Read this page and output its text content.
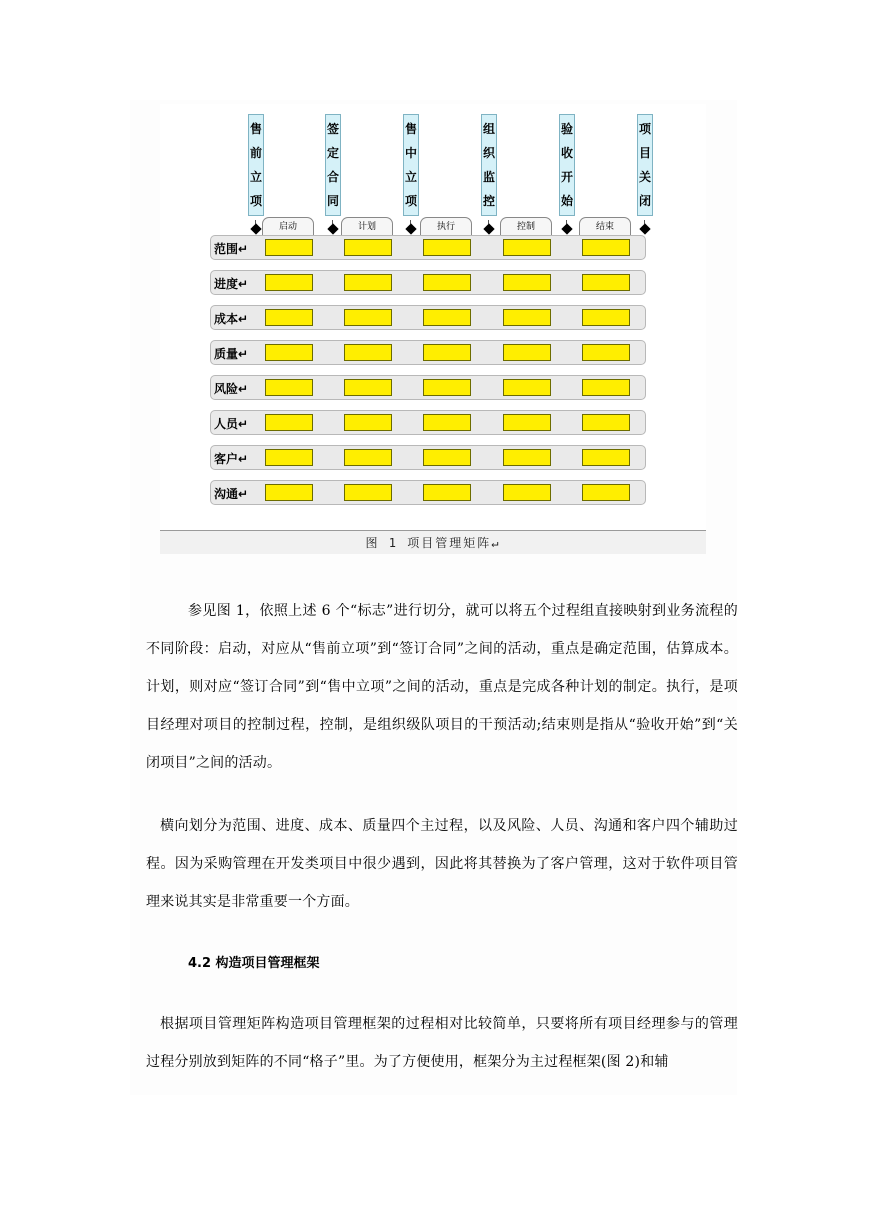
售前立项
签定合同
售中立项
组织监控
验收开始
项目关闭
启动	计划	执行	控制	结束
范围↵
进度↵
成本↵
质量↵
风险↵
人员↵
客户↵
沟通↵
图 1 项目管理矩阵↵

参见图 1，依照上述 6 个“标志”进行切分，就可以将五个过程组直接映射到业务流程的不同阶段：启动，对应从“售前立项”到“签订合同”之间的活动，重点是确定范围，估算成本。计划，则对应“签订合同”到“售中立项”之间的活动，重点是完成各种计划的制定。执行，是项目经理对项目的控制过程，控制，是组织级队项目的干预活动;结束则是指从“验收开始”到“关闭项目”之间的活动。

横向划分为范围、进度、成本、质量四个主过程，以及风险、人员、沟通和客户四个辅助过程。因为采购管理在开发类项目中很少遇到，因此将其替换为了客户管理，这对于软件项目管理来说其实是非常重要一个方面。

4.2 构造项目管理框架

根据项目管理矩阵构造项目管理框架的过程相对比较简单，只要将所有项目经理参与的管理过程分别放到矩阵的不同“格子”里。为了方便使用，框架分为主过程框架(图 2)和辅
